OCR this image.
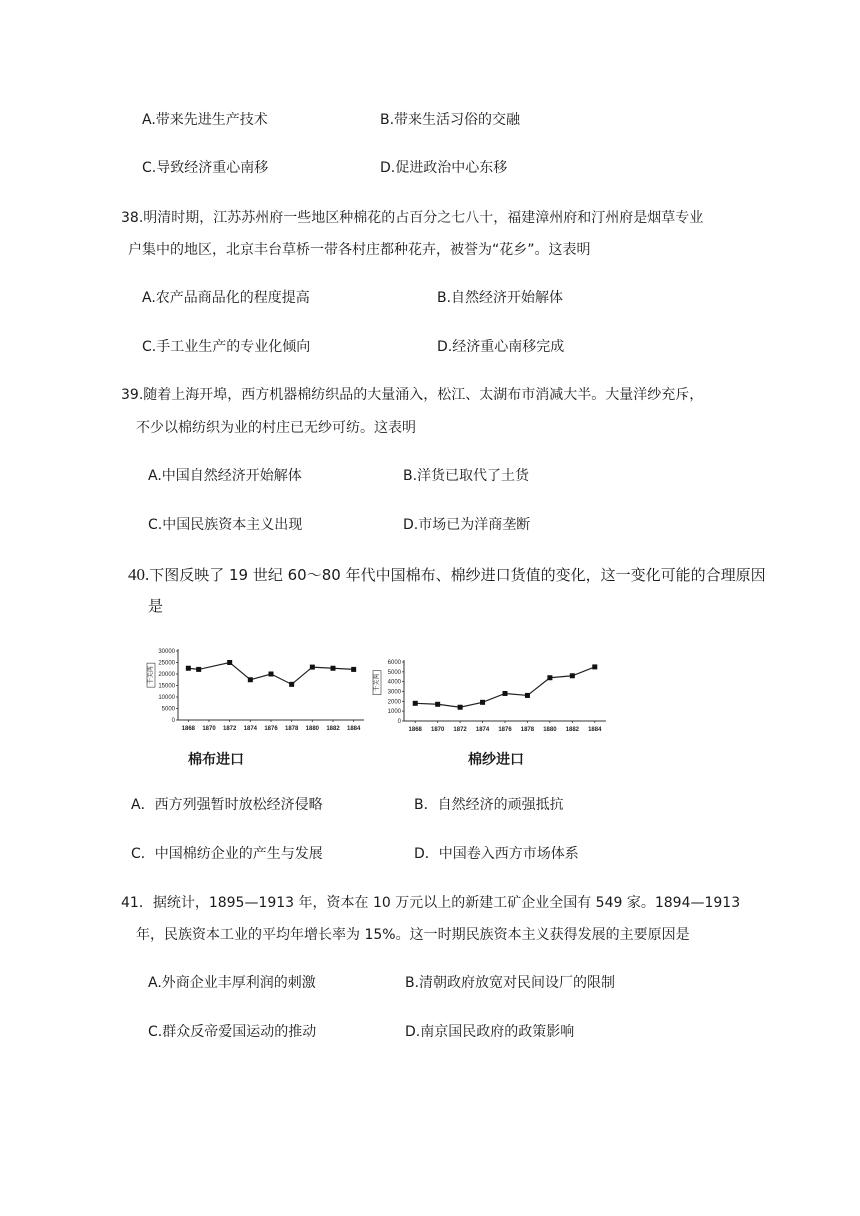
A.带来先进生产技术	B.带来生活习俗的交融
C.导致经济重心南移	D.促进政治中心东移
38.明清时期，江苏苏州府一些地区种棉花的占百分之七八十，福建漳州府和汀州府是烟草专业
户集中的地区，北京丰台草桥一带各村庄都种花卉，被誉为“花乡”。这表明
A.农产品商品化的程度提高	B.自然经济开始解体
C.手工业生产的专业化倾向	D.经济重心南移完成
39.随着上海开埠，西方机器棉纺织品的大量涌入，松江、太湖布市消减大半。大量洋纱充斥，
不少以棉纺织为业的村庄已无纱可纺。这表明
A.中国自然经济开始解体	B.洋货已取代了土货
C.中国民族资本主义出现	D.市场已为洋商垄断
40.下图反映了 19 世纪 60～80 年代中国棉布、棉纱进口货值的变化，这一变化可能的合理原因
是
0
5000
10000
15000
20000
25000
30000
1868 1870 1872 1874 1876 1878 1880 1882 1884
千关两
0
1000
2000
3000
4000
5000
6000
1868 1870 1872 1874 1876 1878 1880 1882 1884
千关两
棉布进口	棉纱进口
A．西方列强暂时放松经济侵略	B．自然经济的顽强抵抗
C．中国棉纺企业的产生与发展	D．中国卷入西方市场体系
41．据统计，1895—1913 年，资本在 10 万元以上的新建工矿企业全国有 549 家。1894—1913
年，民族资本工业的平均年增长率为 15%。这一时期民族资本主义获得发展的主要原因是
A.外商企业丰厚利润的刺激	B.清朝政府放宽对民间设厂的限制
C.群众反帝爱国运动的推动	D.南京国民政府的政策影响
